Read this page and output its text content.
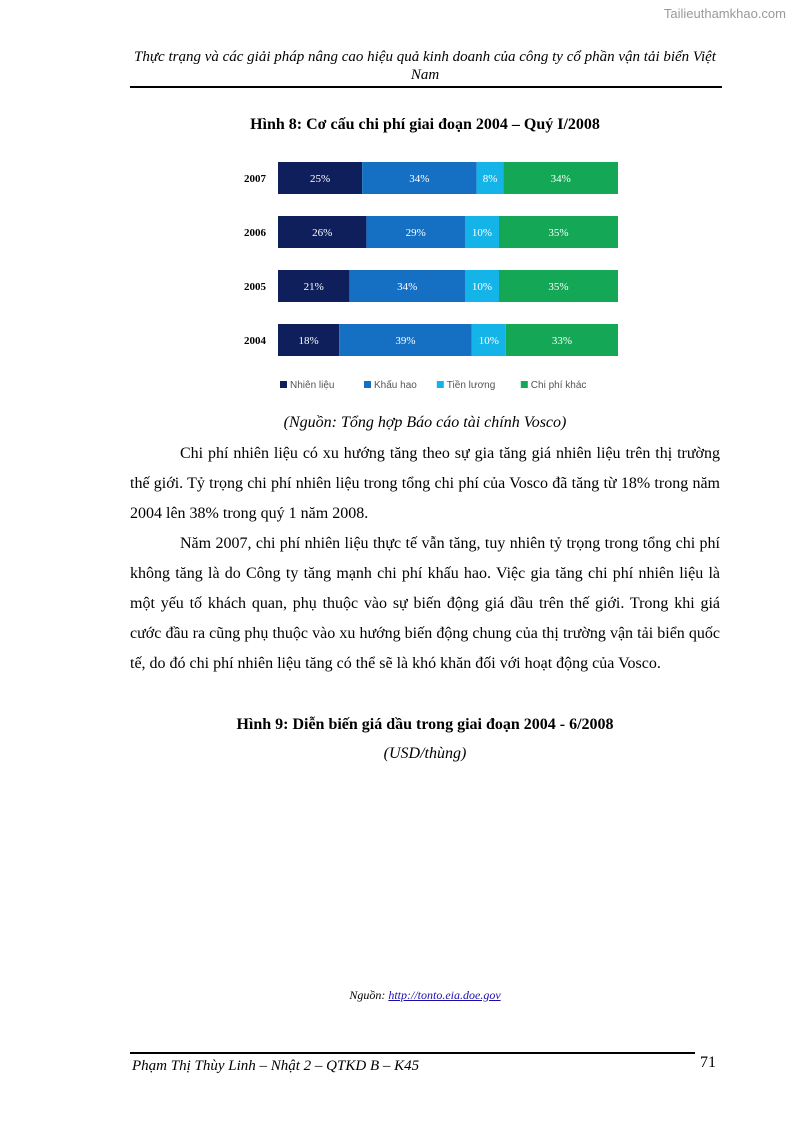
Tailieuthamkhao.com
Thực trạng và các giải pháp nâng cao hiệu quả kinh doanh của công ty cổ phần vận tải biển Việt Nam
Hình 8: Cơ cấu chi phí giai đoạn 2004 – Quý I/2008
2007	25%	34%	8%	34%
2006	26%	29%	10%	35%
2005	21%	34%	10%	35%
2004	18%	39%	10%	33%
Nhiên liệu	Khấu hao	Tiền lương	Chi phí khác
(Nguồn: Tổng hợp Báo cáo tài chính Vosco)

Chi phí nhiên liệu có xu hướng tăng theo sự gia tăng giá nhiên liệu trên thị trường thế giới. Tỷ trọng chi phí nhiên liệu trong tổng chi phí của Vosco đã tăng từ 18% trong năm 2004 lên 38% trong quý 1 năm 2008.

Năm 2007, chi phí nhiên liệu thực tế vẫn tăng, tuy nhiên tỷ trọng trong tổng chi phí không tăng là do Công ty tăng mạnh chi phí khấu hao. Việc gia tăng chi phí nhiên liệu là một yếu tố khách quan, phụ thuộc vào sự biến động giá dầu trên thế giới. Trong khi giá cước đầu ra cũng phụ thuộc vào xu hướng biến động chung của thị trường vận tải biển quốc tế, do đó chi phí nhiên liệu tăng có thể sẽ là khó khăn đối với hoạt động của Vosco.

Hình 9: Diễn biến giá dầu trong giai đoạn 2004 - 6/2008
(USD/thùng)
Nguồn: http://tonto.eia.doe.gov
Phạm Thị Thùy Linh – Nhật 2 – QTKD B – K45	71
